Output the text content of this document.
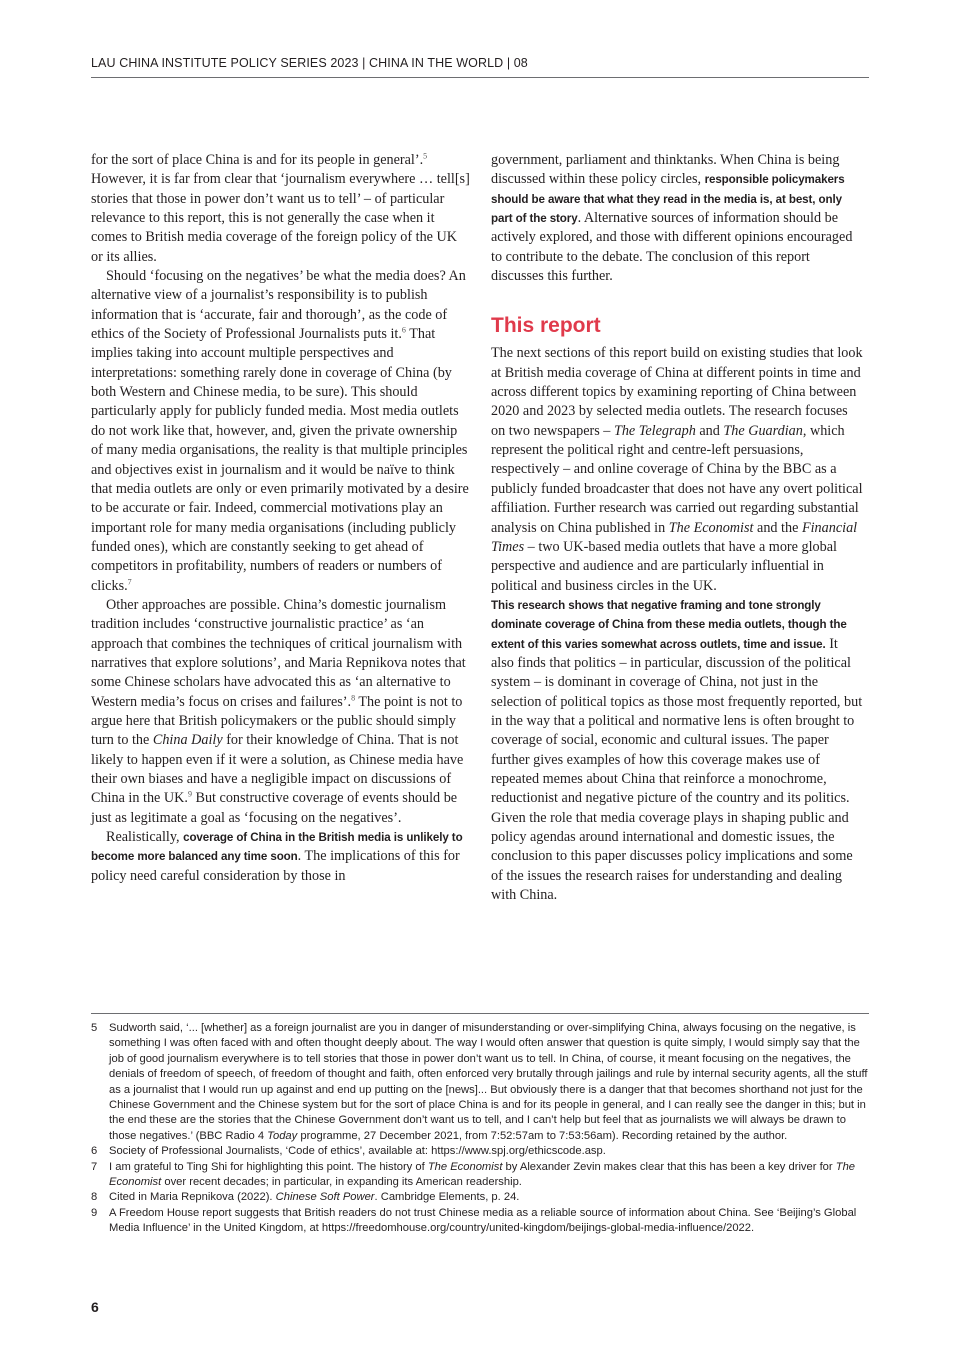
LAU CHINA INSTITUTE POLICY SERIES 2023 | CHINA IN THE WORLD | 08

for the sort of place China is and for its people in general’.$^5$ However, it is far from clear that ‘journalism everywhere … tell[s] stories that those in power don’t want us to tell’ – of particular relevance to this report, this is not generally the case when it comes to British media coverage of the foreign policy of the UK or its allies.

Should ‘focusing on the negatives’ be what the media does? An alternative view of a journalist’s responsibility is to publish information that is ‘accurate, fair and thorough’, as the code of ethics of the Society of Professional Journalists puts it.$^6$ That implies taking into account multiple perspectives and interpretations: something rarely done in coverage of China (by both Western and Chinese media, to be sure). This should particularly apply for publicly funded media. Most media outlets do not work like that, however, and, given the private ownership of many media organisations, the reality is that multiple principles and objectives exist in journalism and it would be naïve to think that media outlets are only or even primarily motivated by a desire to be accurate or fair. Indeed, commercial motivations play an important role for many media organisations (including publicly funded ones), which are constantly seeking to get ahead of competitors in profitability, numbers of readers or numbers of clicks.$^7$

Other approaches are possible. China’s domestic journalism tradition includes ‘constructive journalistic practice’ as ‘an approach that combines the techniques of critical journalism with narratives that explore solutions’, and Maria Repnikova notes that some Chinese scholars have advocated this as ‘an alternative to Western media’s focus on crises and failures’.$^8$ The point is not to argue here that British policymakers or the public should simply turn to the China Daily for their knowledge of China. That is not likely to happen even if it were a solution, as Chinese media have their own biases and have a negligible impact on discussions of China in the UK.$^9$ But constructive coverage of events should be just as legitimate a goal as ‘focusing on the negatives’.

Realistically, coverage of China in the British media is unlikely to become more balanced any time soon. The implications of this for policy need careful consideration by those in

government, parliament and thinktanks. When China is being discussed within these policy circles, responsible policymakers should be aware that what they read in the media is, at best, only part of the story. Alternative sources of information should be actively explored, and those with different opinions encouraged to contribute to the debate. The conclusion of this report discusses this further.

This report

The next sections of this report build on existing studies that look at British media coverage of China at different points in time and across different topics by examining reporting of China between 2020 and 2023 by selected media outlets. The research focuses on two newspapers – The Telegraph and The Guardian, which represent the political right and centre-left persuasions, respectively – and online coverage of China by the BBC as a publicly funded broadcaster that does not have any overt political affiliation. Further research was carried out regarding substantial analysis on China published in The Economist and the Financial Times – two UK-based media outlets that have a more global perspective and audience and are particularly influential in political and business circles in the UK.

This research shows that negative framing and tone strongly dominate coverage of China from these media outlets, though the extent of this varies somewhat across outlets, time and issue. It also finds that politics – in particular, discussion of the political system – is dominant in coverage of China, not just in the selection of political topics as those most frequently reported, but in the way that a political and normative lens is often brought to coverage of social, economic and cultural issues. The paper further gives examples of how this coverage makes use of repeated memes about China that reinforce a monochrome, reductionist and negative picture of the country and its politics. Given the role that media coverage plays in shaping public and policy agendas around international and domestic issues, the conclusion to this paper discusses policy implications and some of the issues the research raises for understanding and dealing with China.

5	Sudworth said, ‘... [whether] as a foreign journalist are you in danger of misunderstanding or over-simplifying China, always focusing on the negative, is something I was often faced with and often thought deeply about. The way I would often answer that question is quite simply, I would simply say that the job of good journalism everywhere is to tell stories that those in power don’t want us to tell. In China, of course, it meant focusing on the negatives, the denials of freedom of speech, of freedom of thought and faith, often enforced very brutally through jailings and rule by internal security agents, all the stuff as a journalist that I would run up against and end up putting on the [news]... But obviously there is a danger that that becomes shorthand not just for the Chinese Government and the Chinese system but for the sort of place China is and for its people in general, and I can really see the danger in this; but in the end these are the stories that the Chinese Government don’t want us to tell, and I can’t help but feel that as journalists we will always be drawn to those negatives.’ (BBC Radio 4 Today programme, 27 December 2021, from 7:52:57am to 7:53:56am). Recording retained by the author.
6	Society of Professional Journalists, ‘Code of ethics’, available at: https://www.spj.org/ethicscode.asp.
7	I am grateful to Ting Shi for highlighting this point. The history of The Economist by Alexander Zevin makes clear that this has been a key driver for The Economist over recent decades; in particular, in expanding its American readership.
8	Cited in Maria Repnikova (2022). Chinese Soft Power. Cambridge Elements, p. 24.
9	A Freedom House report suggests that British readers do not trust Chinese media as a reliable source of information about China. See ‘Beijing’s Global Media Influence’ in the United Kingdom, at https://freedomhouse.org/country/united-kingdom/beijings-global-media-influence/2022.
6
